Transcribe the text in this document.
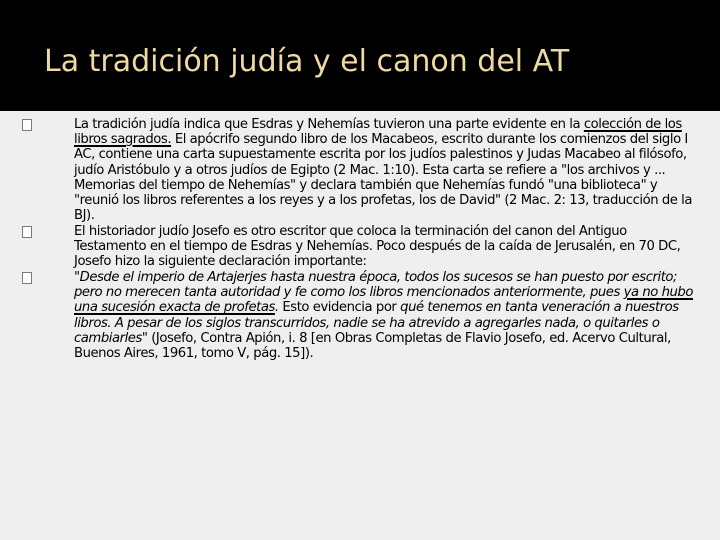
La tradición judía y el canon del AT
La tradición judía indica que Esdras y Nehemías tuvieron una parte evidente en la colección de los libros sagrados. El apócrifo segundo libro de los Macabeos, escrito durante los comienzos del siglo I AC, contiene una carta supuestamente escrita por los judíos palestinos y Judas Macabeo al filósofo, judío Aristóbulo y a otros judíos de Egipto (2 Mac. 1:10). Esta carta se refiere a "los archivos y ... Memorias del tiempo de Nehemías" y declara también que Nehemías fundó "una biblioteca" y "reunió los libros referentes a los reyes y a los profetas, los de David" (2 Mac. 2: 13, traducción de la BJ).
El historiador judío Josefo es otro escritor que coloca la terminación del canon del Antiguo Testamento en el tiempo de Esdras y Nehemías. Poco después de la caída de Jerusalén, en 70 DC, Josefo hizo la siguiente declaración importante:
"Desde el imperio de Artajerjes hasta nuestra época, todos los sucesos se han puesto por escrito; pero no merecen tanta autoridad y fe como los libros mencionados anteriormente, pues ya no hubo una sucesión exacta de profetas. Esto evidencia por qué tenemos en tanta veneración a nuestros libros. A pesar de los siglos transcurridos, nadie se ha atrevido a agregarles nada, o quitarles o cambiarles" (Josefo, Contra Apión, i. 8 [en Obras Completas de Flavio Josefo, ed. Acervo Cultural, Buenos Aires, 1961, tomo V, pág. 15]).
